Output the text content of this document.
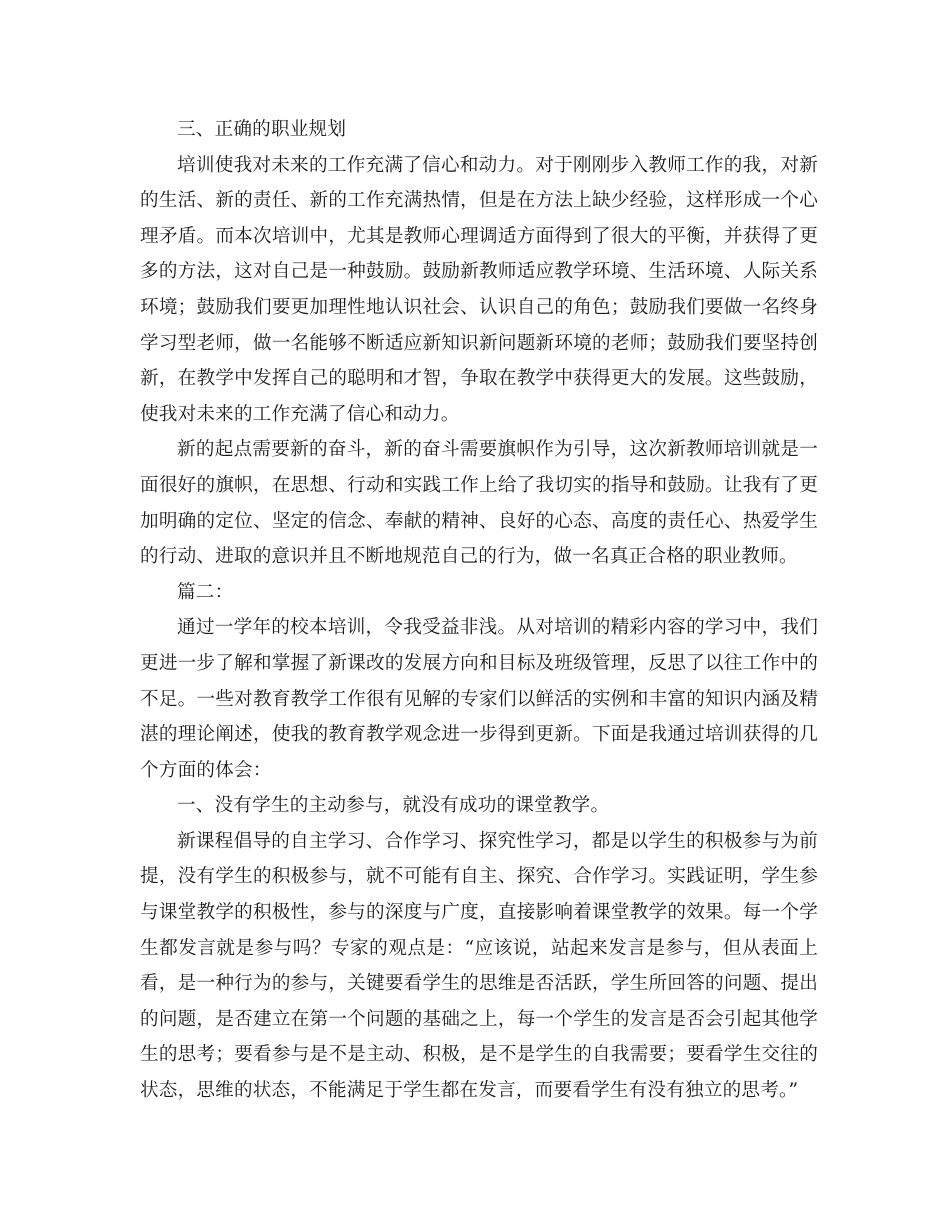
三、正确的职业规划

培训使我对未来的工作充满了信心和动力。对于刚刚步入教师工作的我，对新的生活、新的责任、新的工作充满热情，但是在方法上缺少经验，这样形成一个心理矛盾。而本次培训中，尤其是教师心理调适方面得到了很大的平衡，并获得了更多的方法，这对自己是一种鼓励。鼓励新教师适应教学环境、生活环境、人际关系环境；鼓励我们要更加理性地认识社会、认识自己的角色；鼓励我们要做一名终身学习型老师，做一名能够不断适应新知识新问题新环境的老师；鼓励我们要坚持创新，在教学中发挥自己的聪明和才智，争取在教学中获得更大的发展。这些鼓励，使我对未来的工作充满了信心和动力。

新的起点需要新的奋斗，新的奋斗需要旗帜作为引导，这次新教师培训就是一面很好的旗帜，在思想、行动和实践工作上给了我切实的指导和鼓励。让我有了更加明确的定位、坚定的信念、奉献的精神、良好的心态、高度的责任心、热爱学生的行动、进取的意识并且不断地规范自己的行为，做一名真正合格的职业教师。

篇二：

通过一学年的校本培训，令我受益非浅。从对培训的精彩内容的学习中，我们更进一步了解和掌握了新课改的发展方向和目标及班级管理，反思了以往工作中的不足。一些对教育教学工作很有见解的专家们以鲜活的实例和丰富的知识内涵及精湛的理论阐述，使我的教育教学观念进一步得到更新。下面是我通过培训获得的几个方面的体会：

一、没有学生的主动参与，就没有成功的课堂教学。

新课程倡导的自主学习、合作学习、探究性学习，都是以学生的积极参与为前提，没有学生的积极参与，就不可能有自主、探究、合作学习。实践证明，学生参与课堂教学的积极性，参与的深度与广度，直接影响着课堂教学的效果。每一个学生都发言就是参与吗？专家的观点是：“应该说，站起来发言是参与，但从表面上看，是一种行为的参与，关键要看学生的思维是否活跃，学生所回答的问题、提出的问题，是否建立在第一个问题的基础之上，每一个学生的发言是否会引起其他学生的思考；要看参与是不是主动、积极，是不是学生的自我需要；要看学生交往的状态，思维的状态，不能满足于学生都在发言，而要看学生有没有独立的思考。”
